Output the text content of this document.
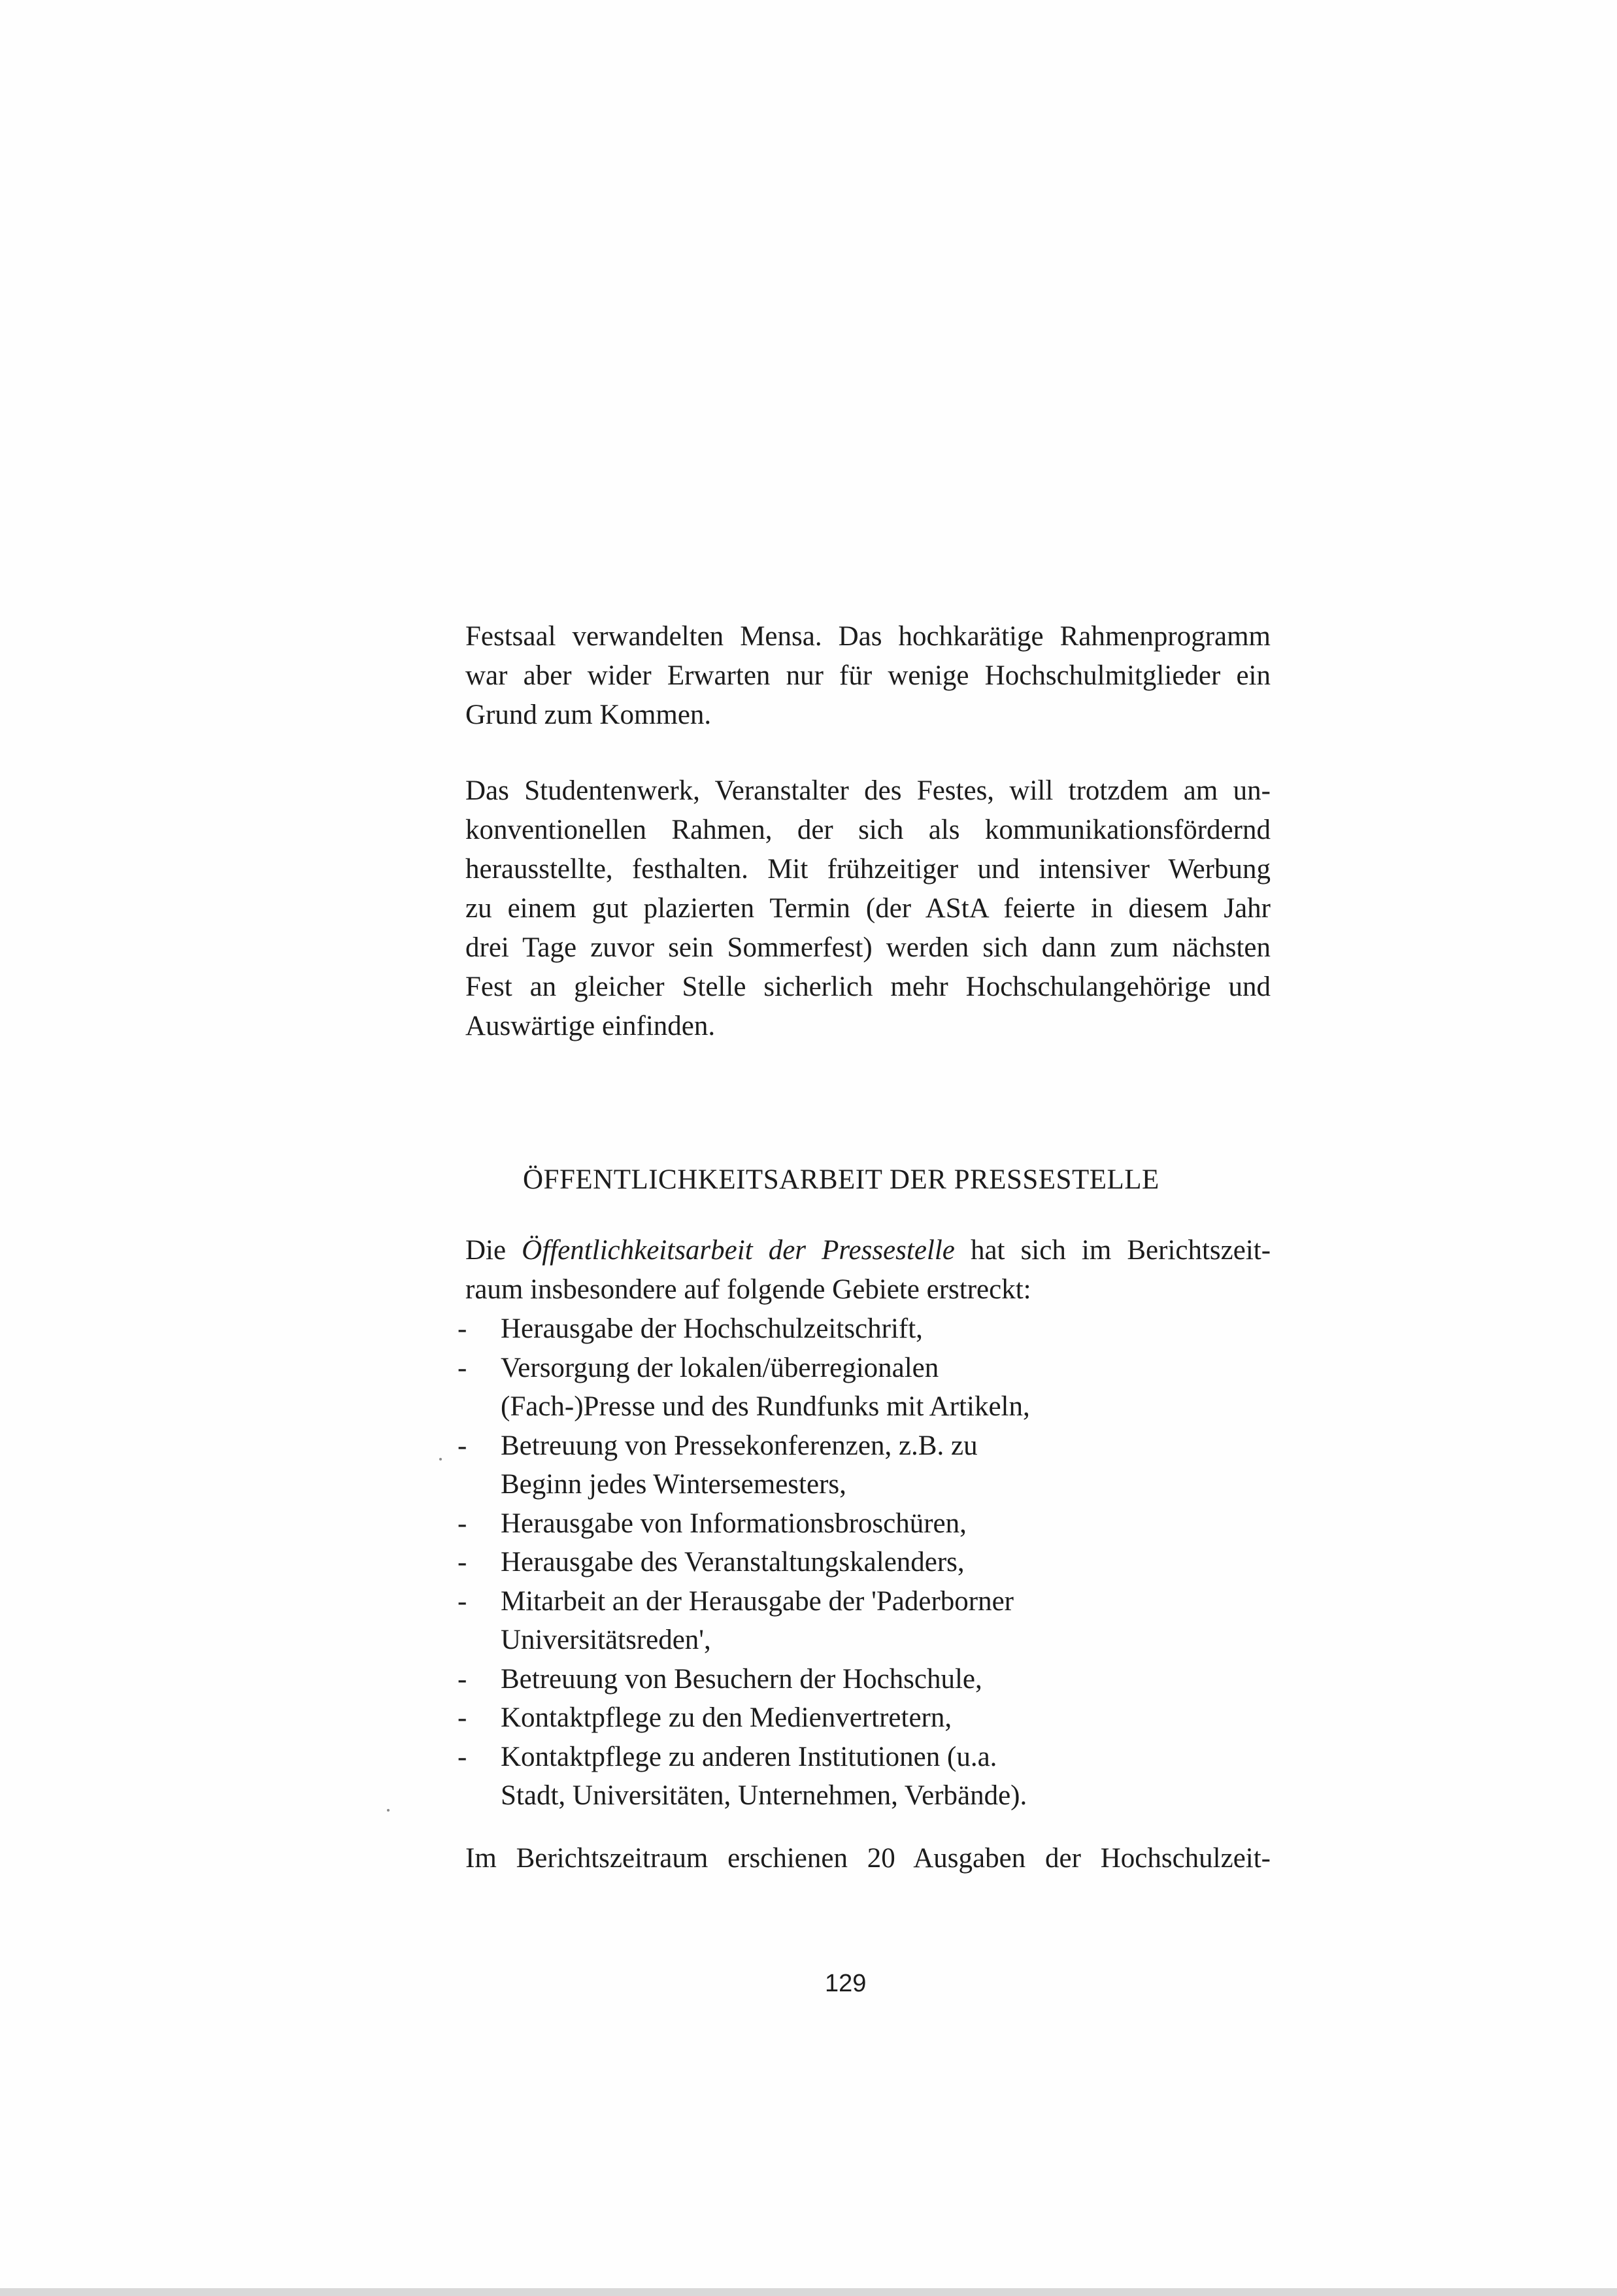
Festsaal verwandelten Mensa. Das hochkarätige Rahmenprogramm
war aber wider Erwarten nur für wenige Hochschulmitglieder ein
Grund zum Kommen.

Das Studentenwerk, Veranstalter des Festes, will trotzdem am un-
konventionellen Rahmen, der sich als kommunikationsfördernd
herausstellte, festhalten. Mit frühzeitiger und intensiver Werbung
zu einem gut plazierten Termin (der AStA feierte in diesem Jahr
drei Tage zuvor sein Sommerfest) werden sich dann zum nächsten
Fest an gleicher Stelle sicherlich mehr Hochschulangehörige und
Auswärtige einfinden.

ÖFFENTLICHKEITSARBEIT DER PRESSESTELLE

Die Öffentlichkeitsarbeit der Pressestelle hat sich im Berichtszeit-
raum insbesondere auf folgende Gebiete erstreckt:

- Herausgabe der Hochschulzeitschrift,
- Versorgung der lokalen/überregionalen
(Fach-)Presse und des Rundfunks mit Artikeln,
- Betreuung von Pressekonferenzen, z.B. zu
Beginn jedes Wintersemesters,
- Herausgabe von Informationsbroschüren,
- Herausgabe des Veranstaltungskalenders,
- Mitarbeit an der Herausgabe der 'Paderborner
Universitätsreden',
- Betreuung von Besuchern der Hochschule,
- Kontaktpflege zu den Medienvertretern,
- Kontaktpflege zu anderen Institutionen (u.a.
Stadt, Universitäten, Unternehmen, Verbände).

Im Berichtszeitraum erschienen 20 Ausgaben der Hochschulzeit-

129
